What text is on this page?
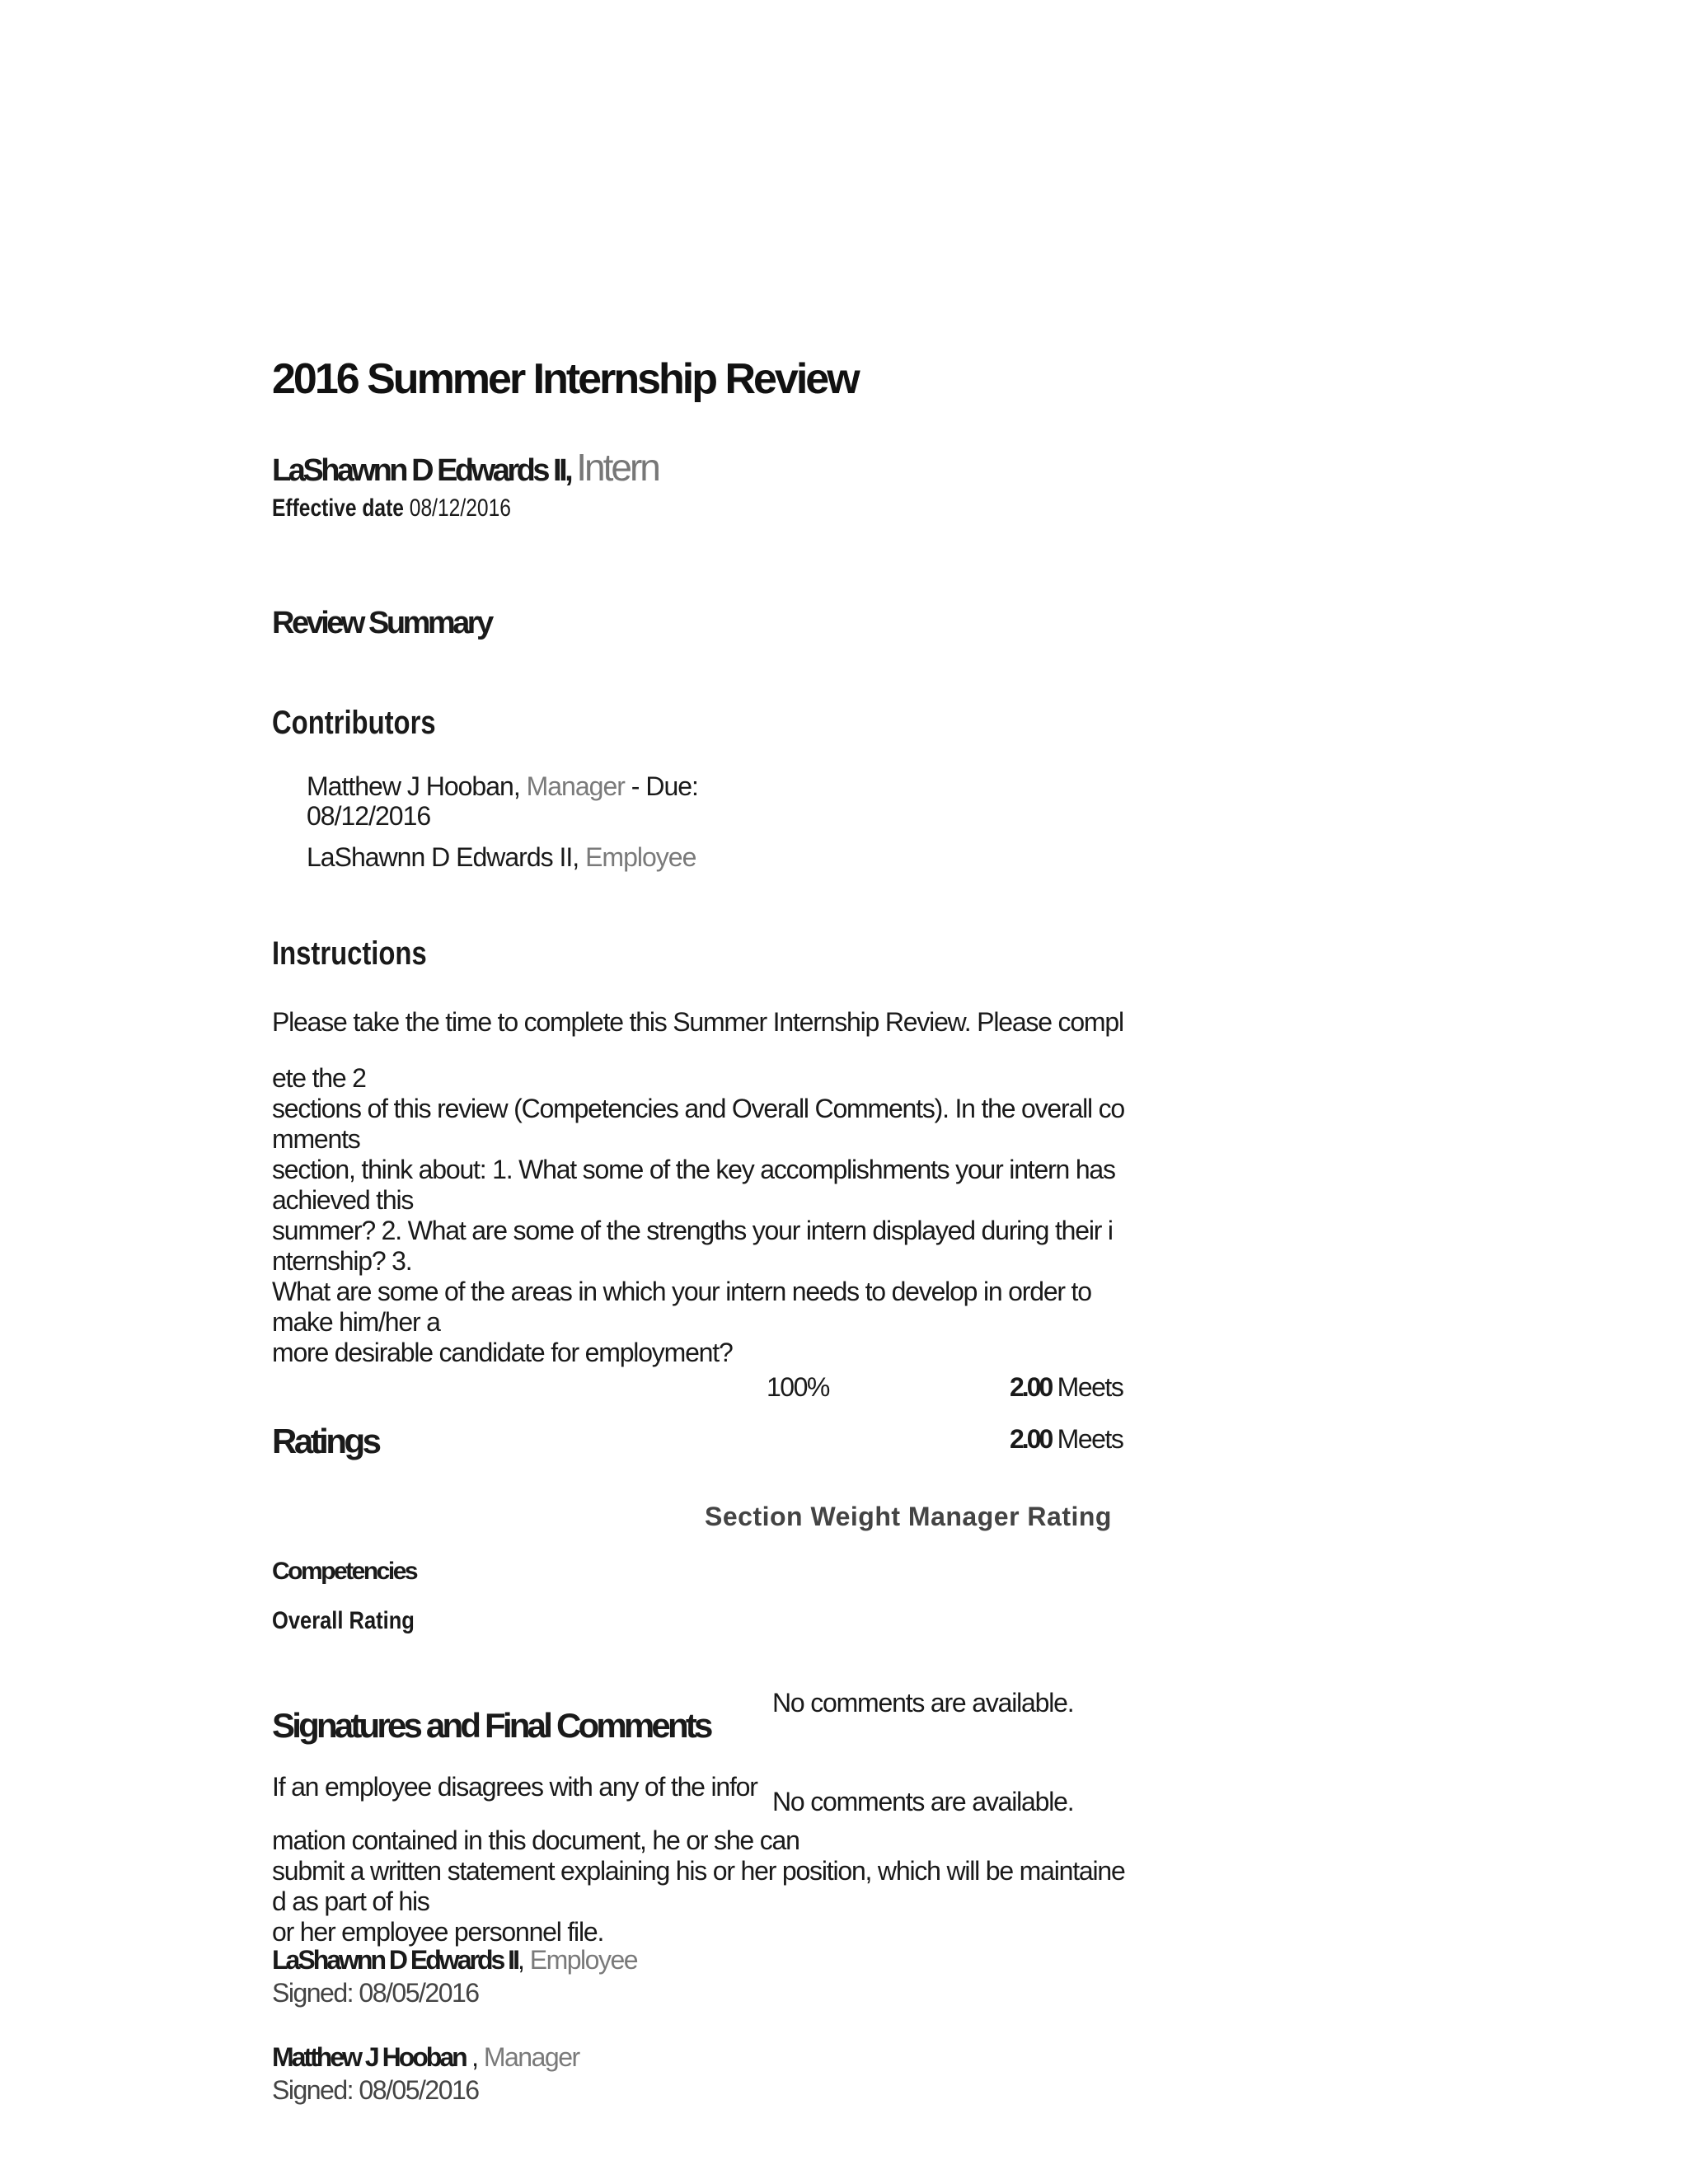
2016 Summer Internship Review
LaShawnn D Edwards II, Intern
Effective date 08/12/2016
Review Summary
Contributors
Matthew J Hooban, Manager - Due:
08/12/2016
LaShawnn D Edwards II, Employee
Instructions
Please take the time to complete this Summer Internship Review. Please compl
ete the 2
sections of this review (Competencies and Overall Comments). In the overall co
mments
section, think about: 1. What some of the key accomplishments your intern has
achieved this
summer? 2. What are some of the strengths your intern displayed during their i
nternship? 3.
What are some of the areas in which your intern needs to develop in order to
make him/her a
more desirable candidate for employment?
100%	2.00 Meets
Ratings	2.00 Meets
Section Weight Manager Rating
Competencies
Overall Rating
No comments are available.
No comments are available.
Signatures and Final Comments
If an employee disagrees with any of the infor
mation contained in this document, he or she can
submit a written statement explaining his or her position, which will be maintaine
d as part of his
or her employee personnel file.
LaShawnn D Edwards II, Employee
Signed: 08/05/2016
Matthew J Hooban , Manager
Signed: 08/05/2016
